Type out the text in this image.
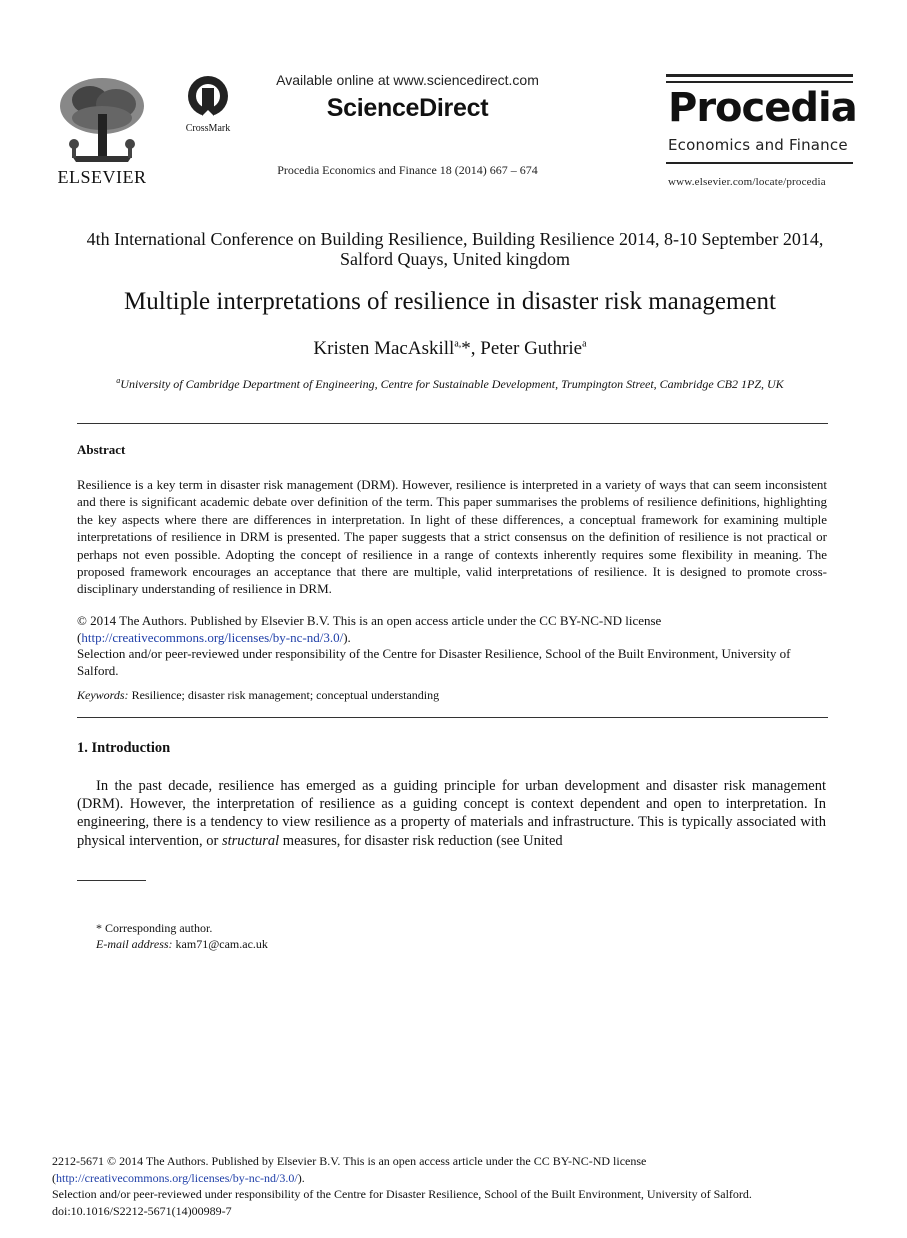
ELSEVIER
CrossMark
Available online at www.sciencedirect.com
ScienceDirect
Procedia Economics and Finance 18 (2014) 667 – 674
Procedia
Economics and Finance
www.elsevier.com/locate/procedia
4th International Conference on Building Resilience, Building Resilience 2014, 8-10 September 2014, Salford Quays, United kingdom
Multiple interpretations of resilience in disaster risk management
Kristen MacAskill$^{a,}$*, Peter Guthrie$^a$
$^a$University of Cambridge Department of Engineering, Centre for Sustainable Development, Trumpington Street, Cambridge CB2 1PZ, UK
Abstract
Resilience is a key term in disaster risk management (DRM). However, resilience is interpreted in a variety of ways that can seem inconsistent and there is significant academic debate over definition of the term. This paper summarises the problems of resilience definitions, highlighting the key aspects where there are differences in interpretation. In light of these differences, a conceptual framework for examining multiple interpretations of resilience in DRM is presented. The paper suggests that a strict consensus on the definition of resilience is not practical or perhaps not even possible. Adopting the concept of resilience in a range of contexts inherently requires some flexibility in meaning. The proposed framework encourages an acceptance that there are multiple, valid interpretations of resilience. It is designed to promote cross-disciplinary understanding of resilience in DRM.
© 2014 The Authors. Published by Elsevier B.V. This is an open access article under the CC BY-NC-ND license
(http://creativecommons.org/licenses/by-nc-nd/3.0/).
Selection and/or peer-reviewed under responsibility of the Centre for Disaster Resilience, School of the Built Environment, University of Salford.
Keywords: Resilience; disaster risk management; conceptual understanding
1. Introduction
In the past decade, resilience has emerged as a guiding principle for urban development and disaster risk management (DRM). However, the interpretation of resilience as a guiding concept is context dependent and open to interpretation. In engineering, there is a tendency to view resilience as a property of materials and infrastructure. This is typically associated with physical intervention, or structural measures, for disaster risk reduction (see United
* Corresponding author.
E-mail address: kam71@cam.ac.uk
2212-5671 © 2014 The Authors. Published by Elsevier B.V. This is an open access article under the CC BY-NC-ND license
(http://creativecommons.org/licenses/by-nc-nd/3.0/).
Selection and/or peer-reviewed under responsibility of the Centre for Disaster Resilience, School of the Built Environment, University of Salford.
doi:10.1016/S2212-5671(14)00989-7
